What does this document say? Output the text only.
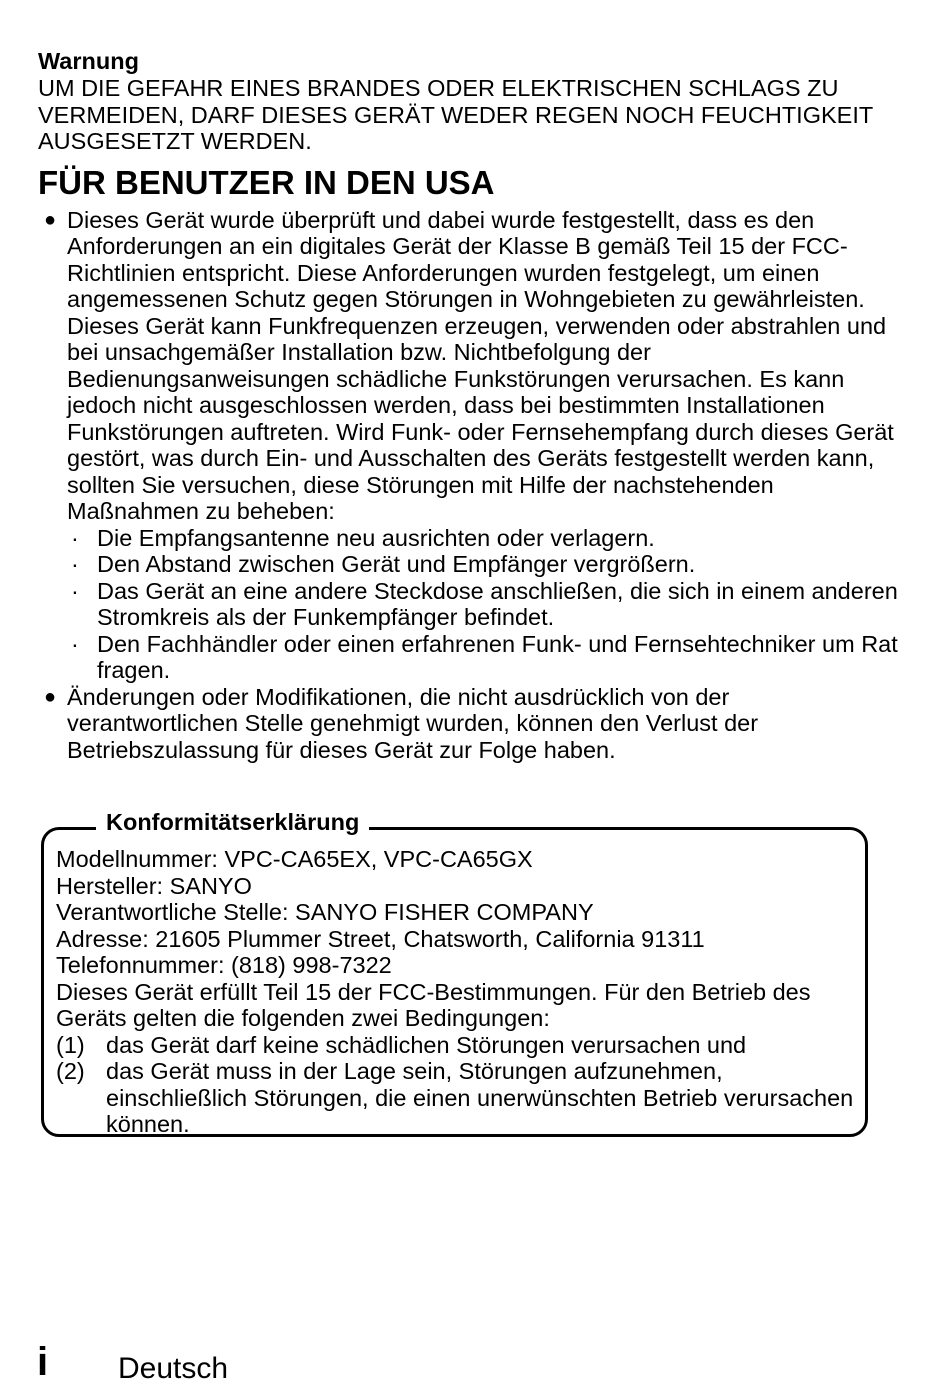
Warnung
UM DIE GEFAHR EINES BRANDES ODER ELEKTRISCHEN SCHLAGS ZU VERMEIDEN, DARF DIESES GERÄT WEDER REGEN NOCH FEUCHTIGKEIT AUSGESETZT WERDEN.
FÜR BENUTZER IN DEN USA
● Dieses Gerät wurde überprüft und dabei wurde festgestellt, dass es den Anforderungen an ein digitales Gerät der Klasse B gemäß Teil 15 der FCC-Richtlinien entspricht. Diese Anforderungen wurden festgelegt, um einen angemessenen Schutz gegen Störungen in Wohngebieten zu gewährleisten. Dieses Gerät kann Funkfrequenzen erzeugen, verwenden oder abstrahlen und bei unsachgemäßer Installation bzw. Nichtbefolgung der Bedienungsanweisungen schädliche Funkstörungen verursachen. Es kann jedoch nicht ausgeschlossen werden, dass bei bestimmten Installationen Funkstörungen auftreten. Wird Funk- oder Fernsehempfang durch dieses Gerät gestört, was durch Ein- und Ausschalten des Geräts festgestellt werden kann, sollten Sie versuchen, diese Störungen mit Hilfe der nachstehenden Maßnahmen zu beheben:
· Die Empfangsantenne neu ausrichten oder verlagern.
· Den Abstand zwischen Gerät und Empfänger vergrößern.
· Das Gerät an eine andere Steckdose anschließen, die sich in einem anderen Stromkreis als der Funkempfänger befindet.
· Den Fachhändler oder einen erfahrenen Funk- und Fernsehtechniker um Rat fragen.
● Änderungen oder Modifikationen, die nicht ausdrücklich von der verantwortlichen Stelle genehmigt wurden, können den Verlust der Betriebszulassung für dieses Gerät zur Folge haben.
Konformitätserklärung
Modellnummer: VPC-CA65EX, VPC-CA65GX
Hersteller: SANYO
Verantwortliche Stelle: SANYO FISHER COMPANY
Adresse: 21605 Plummer Street, Chatsworth, California 91311
Telefonnummer: (818) 998-7322
Dieses Gerät erfüllt Teil 15 der FCC-Bestimmungen. Für den Betrieb des Geräts gelten die folgenden zwei Bedingungen:
(1) das Gerät darf keine schädlichen Störungen verursachen und
(2) das Gerät muss in der Lage sein, Störungen aufzunehmen, einschließlich Störungen, die einen unerwünschten Betrieb verursachen können.
i Deutsch
